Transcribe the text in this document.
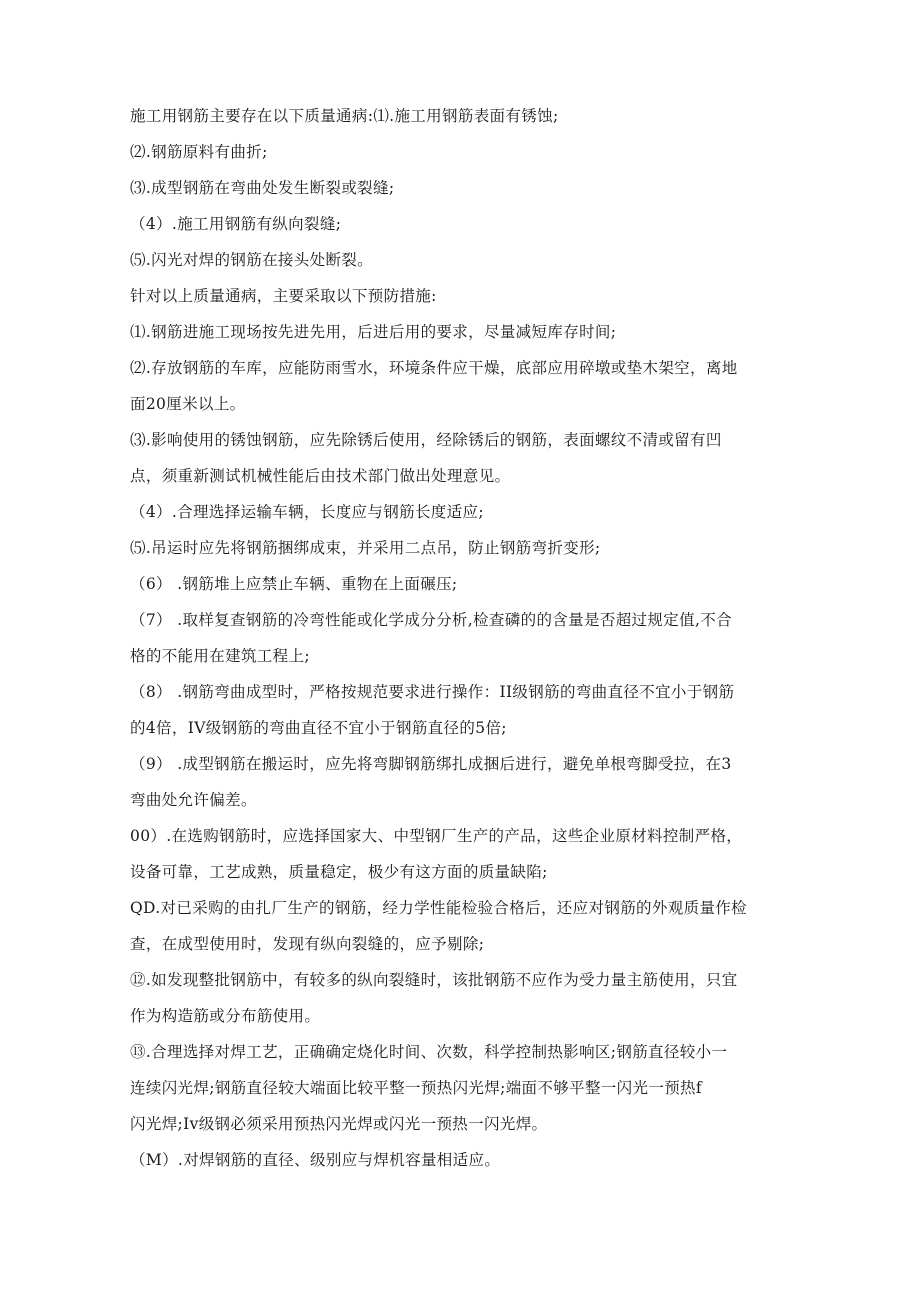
施工用钢筋主要存在以下质量通病:⑴.施工用钢筋表面有锈蚀;
⑵.钢筋原料有曲折;
⑶.成型钢筋在弯曲处发生断裂或裂缝;
（4）.施工用钢筋有纵向裂缝;
⑸.闪光对焊的钢筋在接头处断裂。
针对以上质量通病，主要采取以下预防措施:
⑴.钢筋进施工现场按先进先用，后进后用的要求，尽量减短库存时间;
⑵.存放钢筋的车库，应能防雨雪水，环境条件应干燥，底部应用碎墩或垫木架空，离地
面20厘米以上。
⑶.影响使用的锈蚀钢筋，应先除锈后使用，经除锈后的钢筋，表面螺纹不清或留有凹
点，须重新测试机械性能后由技术部门做出处理意见。
（4）.合理选择运输车辆，长度应与钢筋长度适应;
⑸.吊运时应先将钢筋捆绑成束，并采用二点吊，防止钢筋弯折变形;
（6） .钢筋堆上应禁止车辆、重物在上面碾压;
（7） .取样复查钢筋的冷弯性能或化学成分分析,检查磷的的含量是否超过规定值,不合
格的不能用在建筑工程上;
（8） .钢筋弯曲成型时，严格按规范要求进行操作：II级钢筋的弯曲直径不宜小于钢筋
的4倍，IV级钢筋的弯曲直径不宜小于钢筋直径的5倍;
（9） .成型钢筋在搬运时，应先将弯脚钢筋绑扎成捆后进行，避免单根弯脚受拉，在3
弯曲处允许偏差。
00）.在选购钢筋时，应选择国家大、中型钢厂生产的产品，这些企业原材料控制严格，
设备可靠，工艺成熟，质量稳定，极少有这方面的质量缺陷;
QD.对已采购的由扎厂生产的钢筋，经力学性能检验合格后，还应对钢筋的外观质量作检
查，在成型使用时，发现有纵向裂缝的，应予剔除;
⑫.如发现整批钢筋中，有较多的纵向裂缝时，该批钢筋不应作为受力量主筋使用，只宜
作为构造筋或分布筋使用。
⑬.合理选择对焊工艺，正确确定烧化时间、次数，科学控制热影响区;钢筋直径较小一
连续闪光焊;钢筋直径较大端面比较平整一预热闪光焊;端面不够平整一闪光一预热f
闪光焊;Iv级钢必须采用预热闪光焊或闪光一预热一闪光焊。
（M）.对焊钢筋的直径、级别应与焊机容量相适应。
